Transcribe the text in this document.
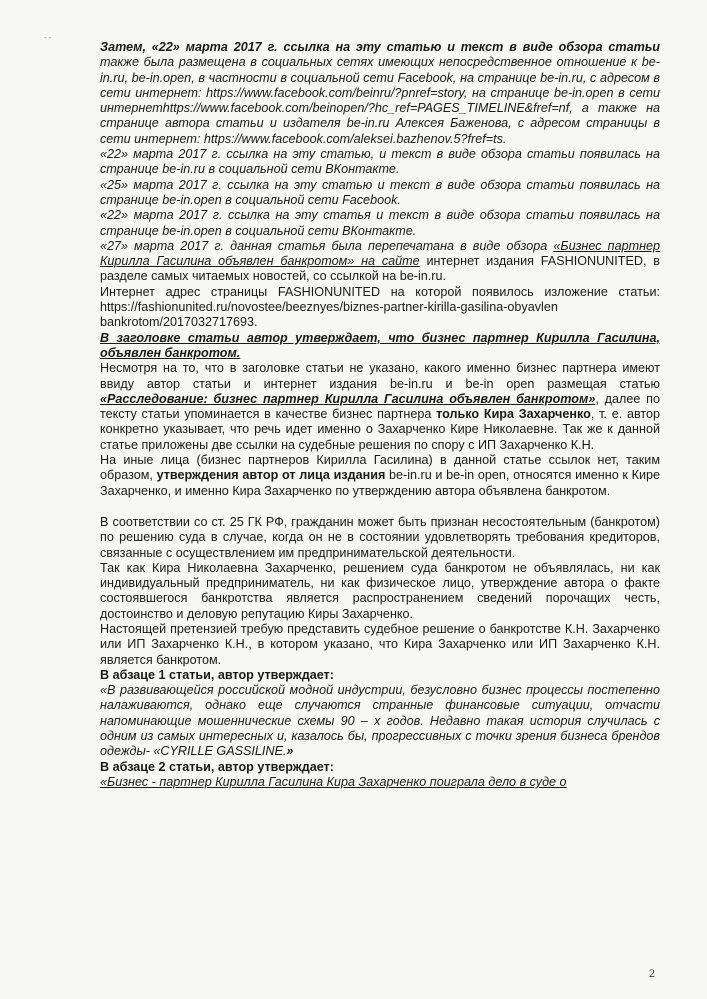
- -

Затем, «22» марта 2017 г. ссылка на эту статью и текст в виде обзора статьи также была размещена в социальных сетях имеющих непосредственное отношение к be-in.ru, be-in.open, в частности в социальной сети Facebook, на странице be-in.ru, с адресом в сети интернет: https://www.facebook.com/beinru/?pnref=story, на странице be-in.open в сети интернетhttps://www.facebook.com/beinopen/?hc_ref=PAGES_TIMELINE&fref=nf, а также на странице автора статьи и издателя be-in.ru Алексея Баженова, с адресом страницы в сети интернет: https://www.facebook.com/aleksei.bazhenov.5?fref=ts.

«22» марта 2017 г. ссылка на эту статью, и текст в виде обзора статьи появилась на странице be-in.ru в социальной сети ВКонтакте.

«25» марта 2017 г. ссылка на эту статью и текст в виде обзора статьи появилась на странице be-in.open в социальной сети Facebook.

«22» марта 2017 г. ссылка на эту статья и текст в виде обзора статьи появилась на странице be-in.open в социальной сети ВКонтакте.

«27» марта 2017 г. данная статья была перепечатана в виде обзора «Бизнес партнер Кирилла Гасилина объявлен банкротом» на сайте интернет издания FASHIONUNITED, в разделе самых читаемых новостей, со ссылкой на be-in.ru.

Интернет адрес страницы FASHIONUNITED на которой появилось изложение статьи: https://fashionunited.ru/novostee/beeznyes/biznes-partner-kirilla-gasilina-obyavlen bankrotom/2017032717693.

В заголовке статьи автор утверждает, что бизнес партнер Кирилла Гасилина, объявлен банкротом.

Несмотря на то, что в заголовке статьи не указано, какого именно бизнес партнера имеют ввиду автор статьи и интернет издания be-in.ru и be-in open размещая статью «Расследование: бизнес партнер Кирилла Гасилина объявлен банкротом», далее по тексту статьи упоминается в качестве бизнес партнера только Кира Захарченко, т. е. автор конкретно указывает, что речь идет именно о Захарченко Кире Николаевне. Так же к данной статье приложены две ссылки на судебные решения по спору с ИП Захарченко К.Н.

На иные лица (бизнес партнеров Кирилла Гасилина) в данной статье ссылок нет, таким образом, утверждения автор от лица издания be-in.ru и be-in open, относятся именно к Кире Захарченко, и именно Кира Захарченко по утверждению автора объявлена банкротом.

В соответствии со ст. 25 ГК РФ, гражданин может быть признан несостоятельным (банкротом) по решению суда в случае, когда он не в состоянии удовлетворять требования кредиторов, связанные с осуществлением им предпринимательской деятельности.

Так как Кира Николаевна Захарченко, решением суда банкротом не объявлялась, ни как индивидуальный предприниматель, ни как физическое лицо, утверждение автора о факте состоявшегося банкротства является распространением сведений порочащих честь, достоинство и деловую репутацию Киры Захарченко.

Настоящей претензией требую представить судебное решение о банкротстве К.Н. Захарченко или ИП Захарченко К.Н., в котором указано, что Кира Захарченко или ИП Захарченко К.Н. является банкротом.

В абзаце 1 статьи, автор утверждает:

«В развивающейся российской модной индустрии, безусловно бизнес процессы постепенно налаживаются, однако еще случаются странные финансовые ситуации, отчасти напоминающие мошеннические схемы 90 – х годов. Недавно такая история случилась с одним из самых интересных и, казалось бы, прогрессивных с точки зрения бизнеса брендов одежды- «CYRILLE GASSILINE.»

В абзаце 2 статьи, автор утверждает:

«Бизнес - партнер Кирилла Гасилина Кира Захарченко поиграла дело в суде о

2
